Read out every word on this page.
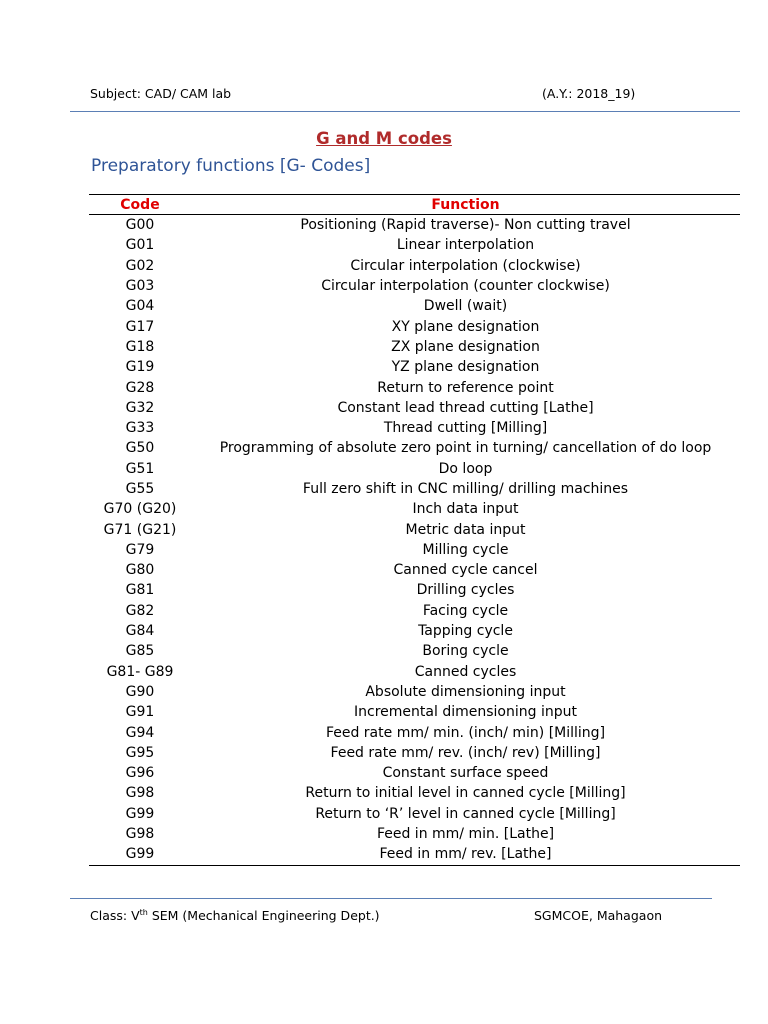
Subject: CAD/ CAM lab	(A.Y.: 2018_19)
G and M codes
Preparatory functions [G- Codes]
Code	Function
G00	Positioning (Rapid traverse)- Non cutting travel
G01	Linear interpolation
G02	Circular interpolation (clockwise)
G03	Circular interpolation (counter clockwise)
G04	Dwell (wait)
G17	XY plane designation
G18	ZX plane designation
G19	YZ plane designation
G28	Return to reference point
G32	Constant lead thread cutting [Lathe]
G33	Thread cutting [Milling]
G50	Programming of absolute zero point in turning/ cancellation of do loop
G51	Do loop
G55	Full zero shift in CNC milling/ drilling machines
G70 (G20)	Inch data input
G71 (G21)	Metric data input
G79	Milling cycle
G80	Canned cycle cancel
G81	Drilling cycles
G82	Facing cycle
G84	Tapping cycle
G85	Boring cycle
G81- G89	Canned cycles
G90	Absolute dimensioning input
G91	Incremental dimensioning input
G94	Feed rate mm/ min. (inch/ min) [Milling]
G95	Feed rate mm/ rev. (inch/ rev) [Milling]
G96	Constant surface speed
G98	Return to initial level in canned cycle [Milling]
G99	Return to ‘R’ level in canned cycle [Milling]
G98	Feed in mm/ min. [Lathe]
G99	Feed in mm/ rev. [Lathe]
Class: Vth SEM (Mechanical Engineering Dept.)	SGMCOE, Mahagaon
